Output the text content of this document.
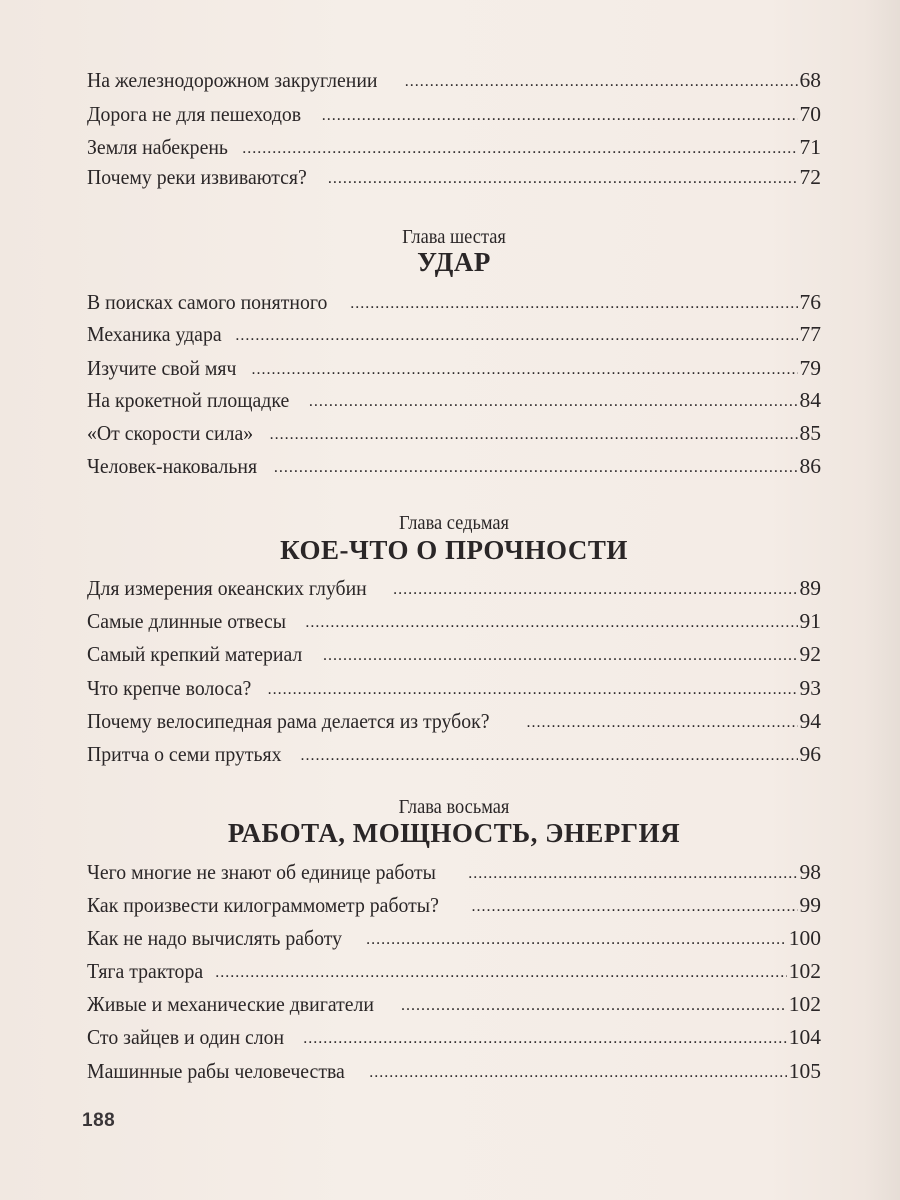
На железнодорожном закруглении .....	68
Дорога не для пешеходов .....	70
Земля набекрень .....	71
Почему реки извиваются? .....	72
Глава шестая
УДАР
В поисках самого понятного .....	76
Механика удара .....	77
Изучите свой мяч .....	79
На крокетной площадке .....	84
«От скорости сила» .....	85
Человек-наковальня .....	86
Глава седьмая
КОЕ-ЧТО О ПРОЧНОСТИ
Для измерения океанских глубин .....	89
Самые длинные отвесы .....	91
Самый крепкий материал .....	92
Что крепче волоса? .....	93
Почему велосипедная рама делается из трубок? .....	94
Притча о семи прутьях .....	96
Глава восьмая
РАБОТА, МОЩНОСТЬ, ЭНЕРГИЯ
Чего многие не знают об единице работы .....	98
Как произвести килограммометр работы? .....	99
Как не надо вычислять работу .....	100
Тяга трактора .....	102
Живые и механические двигатели .....	102
Сто зайцев и один слон .....	104
Машинные рабы человечества .....	105
188
